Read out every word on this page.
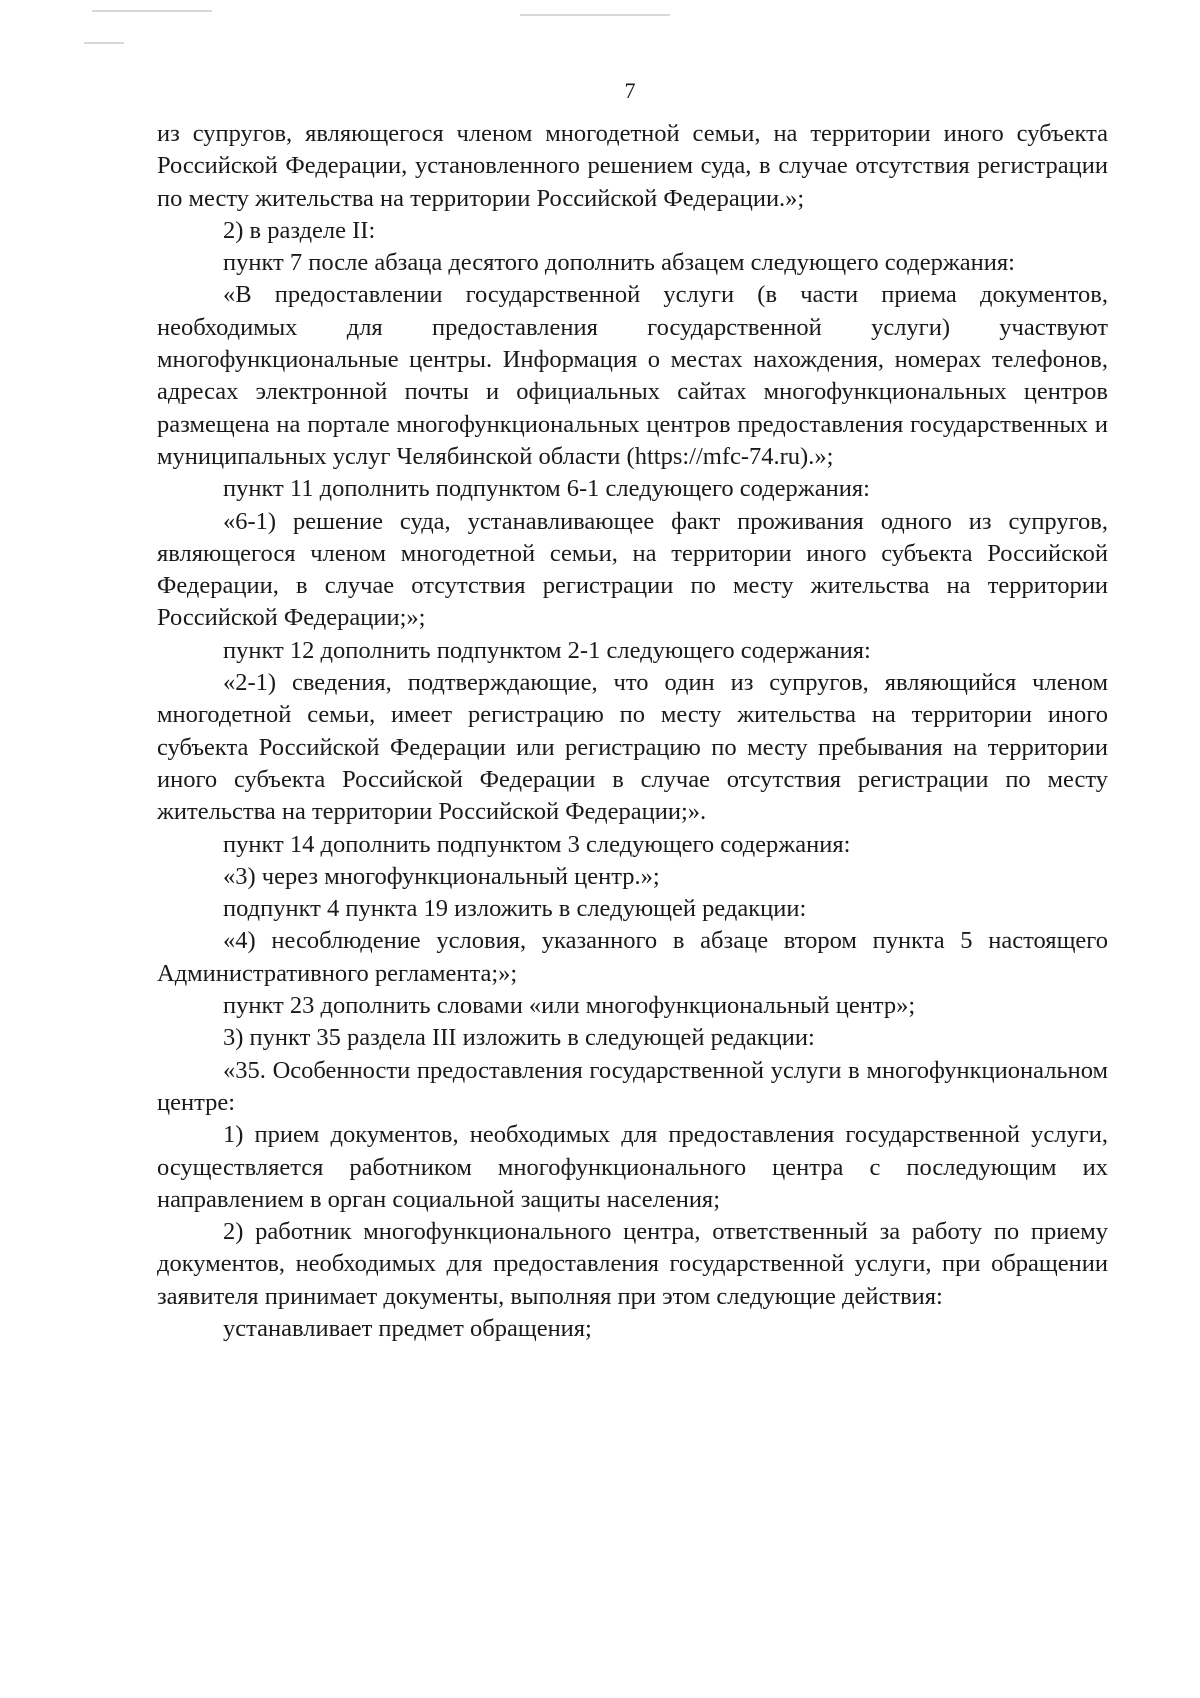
7

из супругов, являющегося членом многодетной семьи, на территории иного субъекта Российской Федерации, установленного решением суда, в случае отсутствия регистрации по месту жительства на территории Российской Федерации.»;

2) в разделе II:

пункт 7 после абзаца десятого дополнить абзацем следующего содержания:

«В предоставлении государственной услуги (в части приема документов, необходимых для предоставления государственной услуги) участвуют многофункциональные центры. Информация о местах нахождения, номерах телефонов, адресах электронной почты и официальных сайтах многофункциональных центров размещена на портале многофункциональных центров предоставления государственных и муниципальных услуг Челябинской области (https://mfc-74.ru).»;

пункт 11 дополнить подпунктом 6-1 следующего содержания:

«6-1) решение суда, устанавливающее факт проживания одного из супругов, являющегося членом многодетной семьи, на территории иного субъекта Российской Федерации, в случае отсутствия регистрации по месту жительства на территории Российской Федерации;»;

пункт 12 дополнить подпунктом 2-1 следующего содержания:

«2-1) сведения, подтверждающие, что один из супругов, являющийся членом многодетной семьи, имеет регистрацию по месту жительства на территории иного субъекта Российской Федерации или регистрацию по месту пребывания на территории иного субъекта Российской Федерации в случае отсутствия регистрации по месту жительства на территории Российской Федерации;».

пункт 14 дополнить подпунктом 3 следующего содержания:

«3) через многофункциональный центр.»;

подпункт 4 пункта 19 изложить в следующей редакции:

«4) несоблюдение условия, указанного в абзаце втором пункта 5 настоящего Административного регламента;»;

пункт 23 дополнить словами «или многофункциональный центр»;

3) пункт 35 раздела III изложить в следующей редакции:

«35. Особенности предоставления государственной услуги в многофункциональном центре:

1) прием документов, необходимых для предоставления государственной услуги, осуществляется работником многофункционального центра с последующим их направлением в орган социальной защиты населения;

2) работник многофункционального центра, ответственный за работу по приему документов, необходимых для предоставления государственной услуги, при обращении заявителя принимает документы, выполняя при этом следующие действия:

устанавливает предмет обращения;
